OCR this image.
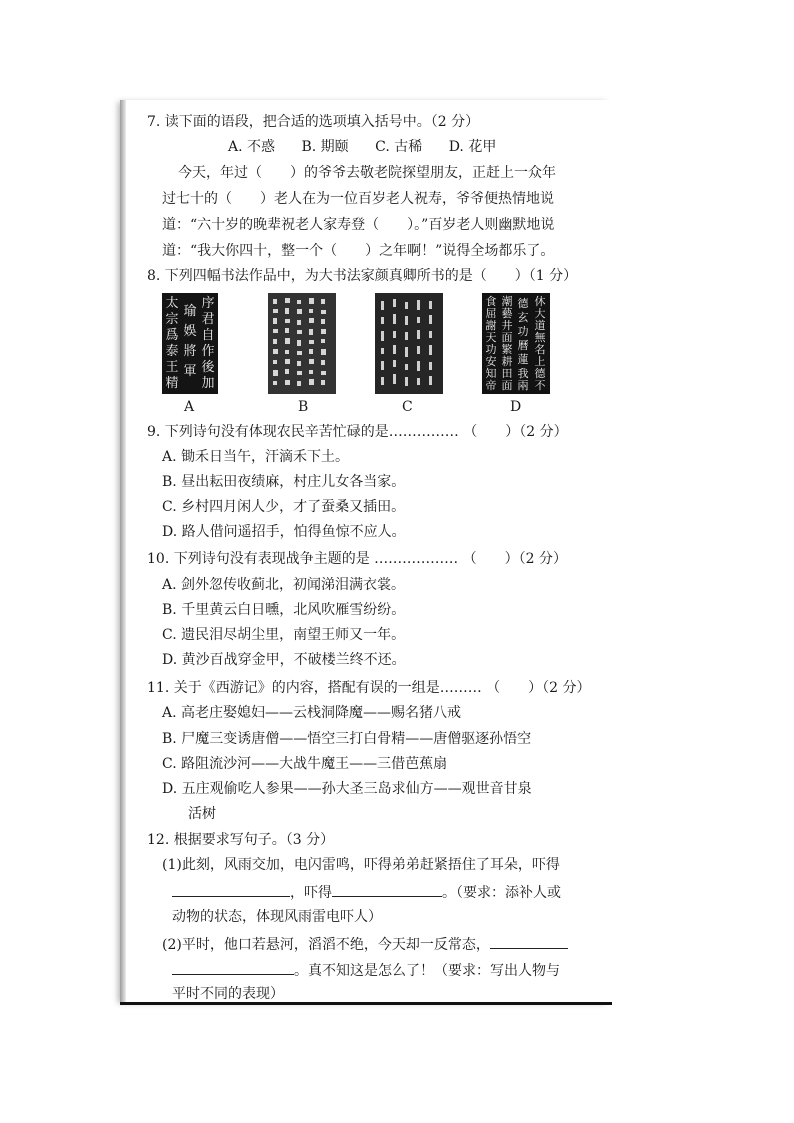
7. 读下面的语段，把合适的选项填入括号中。（2 分）
A. 不惑 B. 期颐 C. 古稀 D. 花甲
今天，年过（　　）的爷爷去敬老院探望朋友，正赶上一众年
过七十的（　　）老人在为一位百岁老人祝寿，爷爷便热情地说
道：“六十岁的晚辈祝老人家寿登（　　）。”百岁老人则幽默地说
道：“我大你四十，整一个（　　）之年啊！”说得全场都乐了。
8. 下列四幅书法作品中，为大书法家颜真卿所书的是（　　）（1 分）
序
君
自
作
後
加
瑜
娛
將
軍
太
宗
爲
泰
王
精
休
大
道
無
名
上
德
不
德
玄
功
曆
蓮
我
兩
潮
藝
井
面
繁
耕
田
面
食
屈
謝
天
功
安
知
帝
A	B	C	D
9. 下列诗句没有体现农民辛苦忙碌的是…………… （　　）（2 分）
A. 锄禾日当午，汗滴禾下土。
B. 昼出耘田夜绩麻，村庄儿女各当家。
C. 乡村四月闲人少，才了蚕桑又插田。
D. 路人借问遥招手，怕得鱼惊不应人。
10. 下列诗句没有表现战争主题的是 ……………… （　　）（2 分）
A. 剑外忽传收蓟北，初闻涕泪满衣裳。
B. 千里黄云白日曛，北风吹雁雪纷纷。
C. 遗民泪尽胡尘里，南望王师又一年。
D. 黄沙百战穿金甲，不破楼兰终不还。
11. 关于《西游记》的内容，搭配有误的一组是……… （　　）（2 分）
A. 高老庄娶媳妇——云栈洞降魔——赐名猪八戒
B. 尸魔三变诱唐僧——悟空三打白骨精——唐僧驱逐孙悟空
C. 路阻流沙河——大战牛魔王——三借芭蕉扇
D. 五庄观偷吃人参果——孙大圣三岛求仙方——观世音甘泉
活树
12. 根据要求写句子。（3 分）
(1)此刻，风雨交加，电闪雷鸣，吓得弟弟赶紧捂住了耳朵，吓得
，吓得	。（要求：添补人或
动物的状态，体现风雨雷电吓人）
(2)平时，他口若悬河，滔滔不绝，今天却一反常态，
。真不知这是怎么了！（要求：写出人物与
平时不同的表现）
